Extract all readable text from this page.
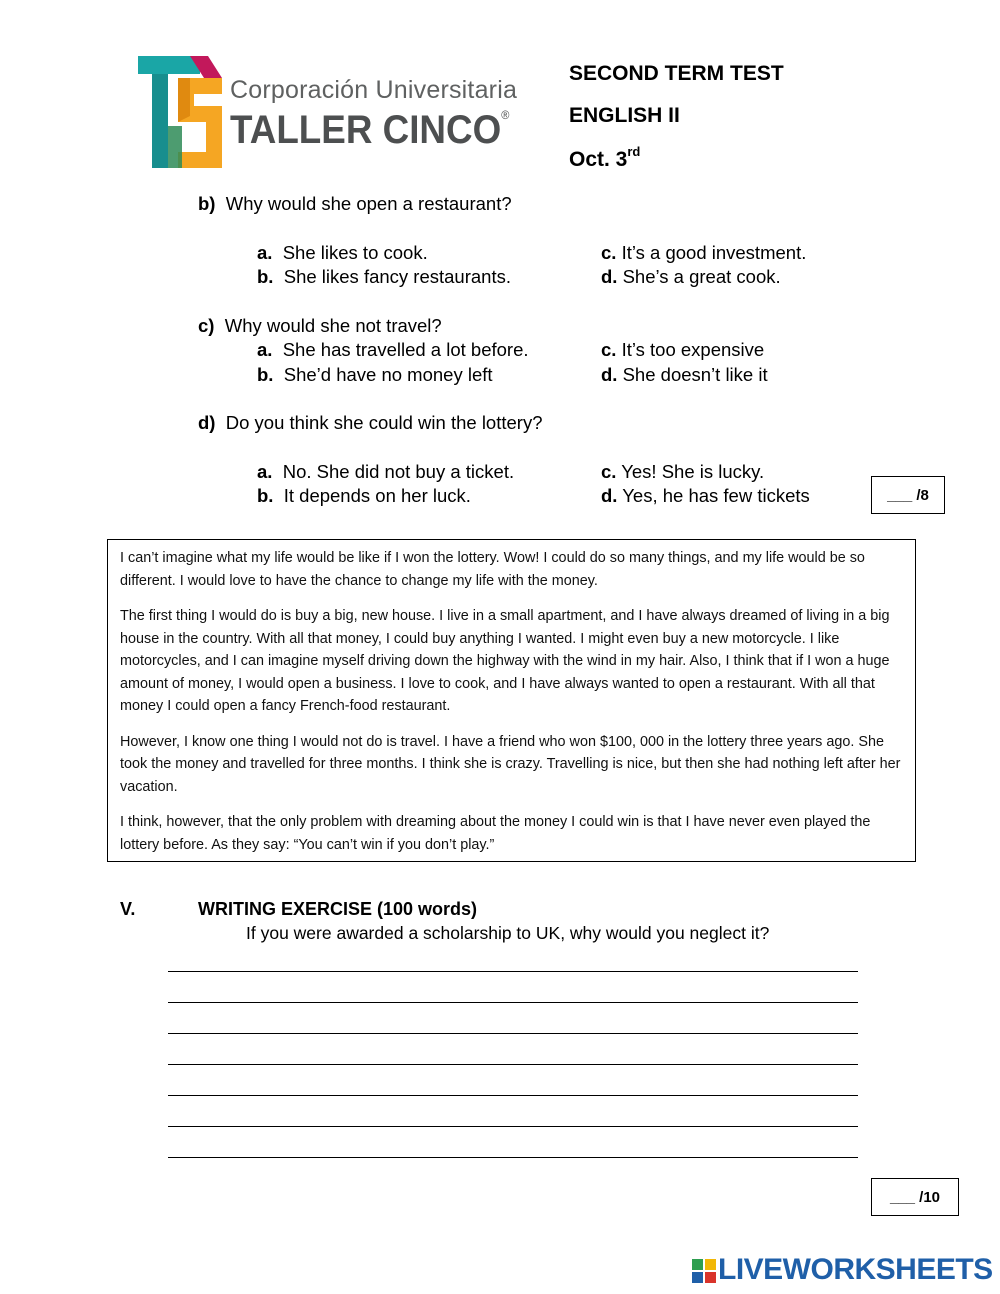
Corporación Universitaria
TALLER CINCO®
SECOND TERM TEST
ENGLISH II
Oct. 3rd
b) Why would she open a restaurant?
a. She likes to cook.
b. She likes fancy restaurants.
c. It’s a good investment.
d. She’s a great cook.
c) Why would she not travel?
a. She has travelled a lot before.
b. She’d have no money left
c. It’s too expensive
d. She doesn’t like it
d) Do you think she could win the lottery?
a. No. She did not buy a ticket.
b. It depends on her luck.
c. Yes! She is lucky.
d. Yes, he has few tickets	___
/8

I can’t imagine what my life would be like if I won the lottery. Wow! I could do so many things, and my life would be so different. I would love to have the chance to change my life with the money.

The first thing I would do is buy a big, new house. I live in a small apartment, and I have always dreamed of living in a big house in the country. With all that money, I could buy anything I wanted. I might even buy a new motorcycle. I like motorcycles, and I can imagine myself driving down the highway with the wind in my hair. Also, I think that if I won a huge amount of money, I would open a business. I love to cook, and I have always wanted to open a restaurant. With all that money I could open a fancy French-food restaurant.

However, I know one thing I would not do is travel. I have a friend who won $100, 000 in the lottery three years ago. She took the money and travelled for three months. I think she is crazy. Travelling is nice, but then she had nothing left after her vacation.

I think, however, that the only problem with dreaming about the money I could win is that I have never even played the lottery before. As they say: “You can’t win if you don’t play.”

V.	WRITING EXERCISE (100 words)
If you were awarded a scholarship to UK, why would you neglect it?
___
/10
LIVEWORKSHEETS
